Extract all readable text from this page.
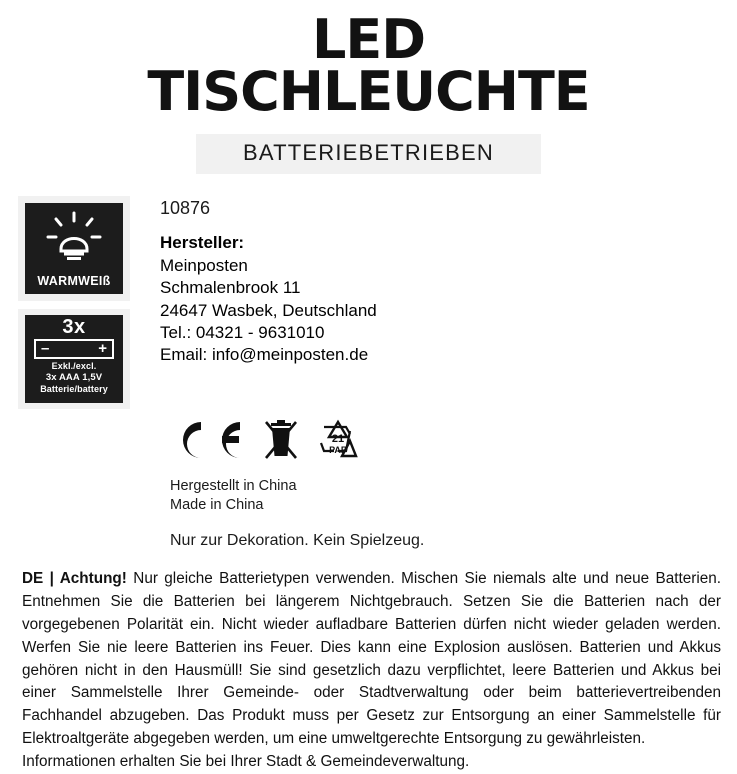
LED
TISCHLEUCHTE
BATTERIEBETRIEBEN
WARMWEIß
3x
–	+
Exkl./excl.
3x AAA 1,5V
Batterie/battery
10876
Hersteller:
Meinposten
Schmalenbrook 11
24647 Wasbek, Deutschland
Tel.: 04321 - 9631010
Email: info@meinposten.de
21
PAP
Hergestellt in China
Made in China
Nur zur Dekoration. Kein Spielzeug.
DE | Achtung! Nur gleiche Batterietypen verwenden. Mischen Sie niemals alte und neue Batterien. Entnehmen Sie die Batterien bei längerem Nichtgebrauch. Setzen Sie die Batterien nach der vorgegebenen Polarität ein. Nicht wieder aufladbare Batterien dürfen nicht wieder geladen werden. Werfen Sie nie leere Batterien ins Feuer. Dies kann eine Explosion auslösen. Batterien und Akkus gehören nicht in den Hausmüll! Sie sind gesetzlich dazu verpflichtet, leere Batterien und Akkus bei einer Sammelstelle Ihrer Gemeinde- oder Stadtverwaltung oder beim batterievertreibenden Fachhandel abzugeben. Das Produkt muss per Gesetz zur Entsorgung an einer Sammelstelle für Elektroaltgeräte abgegeben werden, um eine umweltgerechte Entsorgung zu gewährleisten.
Informationen erhalten Sie bei Ihrer Stadt & Gemeindeverwaltung.
